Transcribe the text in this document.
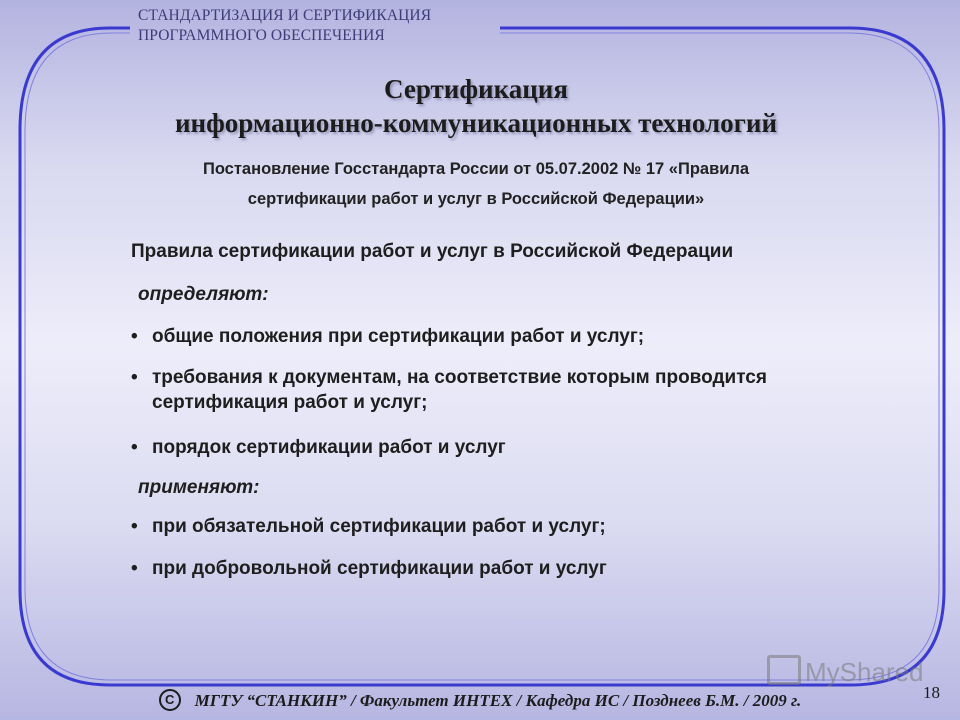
СТАНДАРТИЗАЦИЯ И СЕРТИФИКАЦИЯ
ПРОГРАММНОГО ОБЕСПЕЧЕНИЯ
Сертификация
информационно-коммуникационных технологий
Постановление Госстандарта России от 05.07.2002 № 17 «Правила
сертификации работ и услуг в Российской Федерации»
Правила сертификации работ и услуг в Российской Федерации
определяют:
• общие положения при сертификации работ и услуг;
• требования к документам, на соответствие которым проводится сертификация работ и услуг;
• порядок сертификации работ и услуг
применяют:
• при обязательной сертификации работ и услуг;
• при добровольной сертификации работ и услуг
MyShared
18
C МГТУ “СТАНКИН” / Факультет ИНТЕХ / Кафедра ИС / Позднеев Б.М. / 2009 г.
